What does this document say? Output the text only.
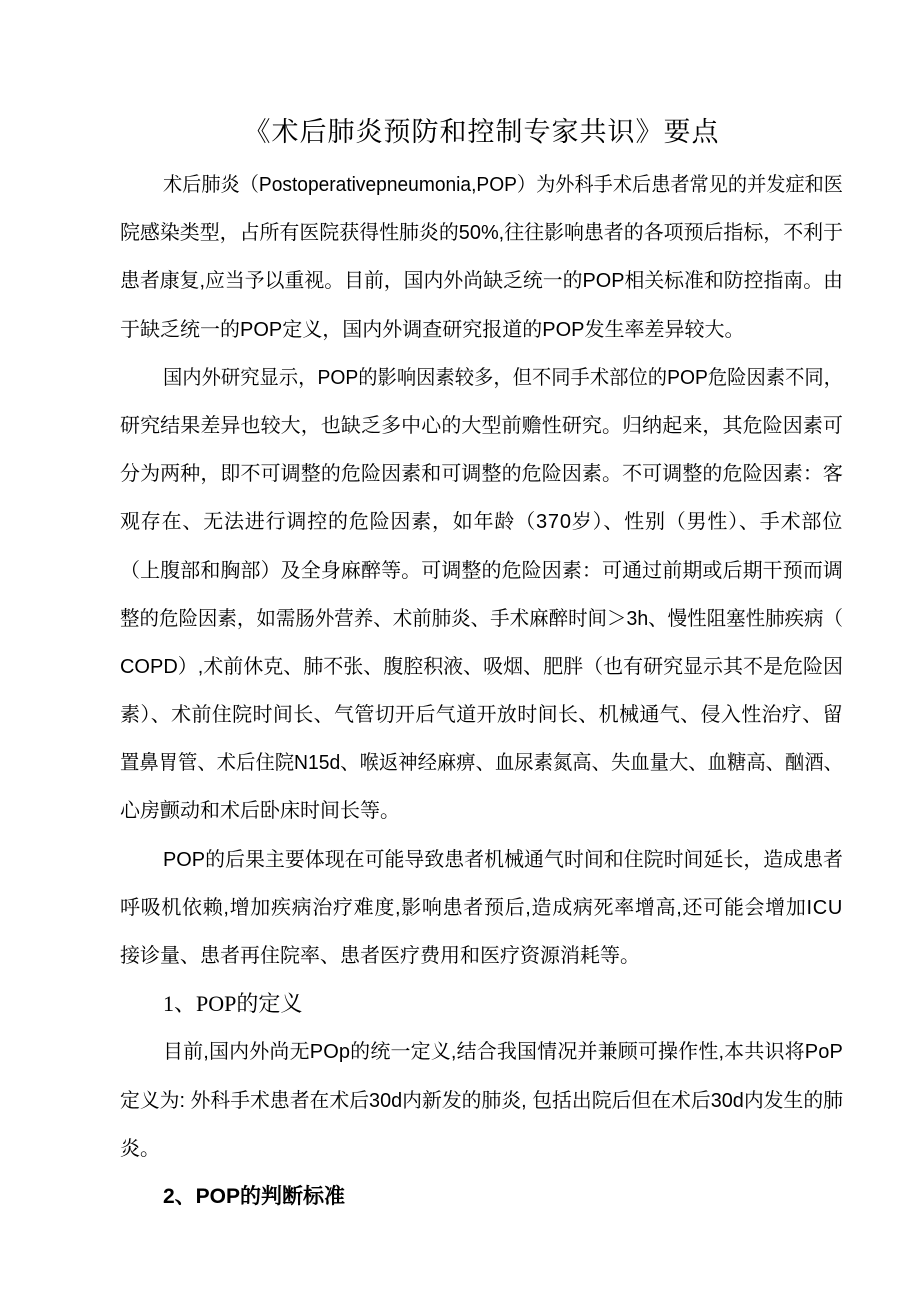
《术后肺炎预防和控制专家共识》要点
术后肺炎（Postoperativepneumonia,POP）为外科手术后患者常见的并发症和医
院感染类型，占所有医院获得性肺炎的50%,往往影响患者的各项预后指标，不利于
患者康复,应当予以重视。目前，国内外尚缺乏统一的POP相关标准和防控指南。由
于缺乏统一的POP定义，国内外调查研究报道的POP发生率差异较大。
国内外研究显示，POP的影响因素较多，但不同手术部位的POP危险因素不同，
研究结果差异也较大，也缺乏多中心的大型前赡性研究。归纳起来，其危险因素可
分为两种，即不可调整的危险因素和可调整的危险因素。不可调整的危险因素：客
观存在、无法进行调控的危险因素，如年龄（370岁）、性别（男性）、手术部位
（上腹部和胸部）及全身麻醉等。可调整的危险因素：可通过前期或后期干预而调
整的危险因素，如需肠外营养、术前肺炎、手术麻醉时间＞3h、慢性阻塞性肺疾病（
COPD）,术前休克、肺不张、腹腔积液、吸烟、肥胖（也有研究显示其不是危险因
素）、术前住院时间长、气管切开后气道开放时间长、机械通气、侵入性治疗、留
置鼻胃管、术后住院N15d、喉返神经麻痹、血尿素氮高、失血量大、血糖高、酗酒、
心房颤动和术后卧床时间长等。
POP的后果主要体现在可能导致患者机械通气时间和住院时间延长，造成患者
呼吸机依赖,增加疾病治疗难度,影响患者预后,造成病死率增高,还可能会增加ICU
接诊量、患者再住院率、患者医疗费用和医疗资源消耗等。
1、POP的定义
目前,国内外尚无POp的统一定义,结合我国情况并兼顾可操作性,本共识将PoP
定义为: 外科手术患者在术后30d内新发的肺炎, 包括出院后但在术后30d内发生的肺
炎。
2、POP的判断标准
